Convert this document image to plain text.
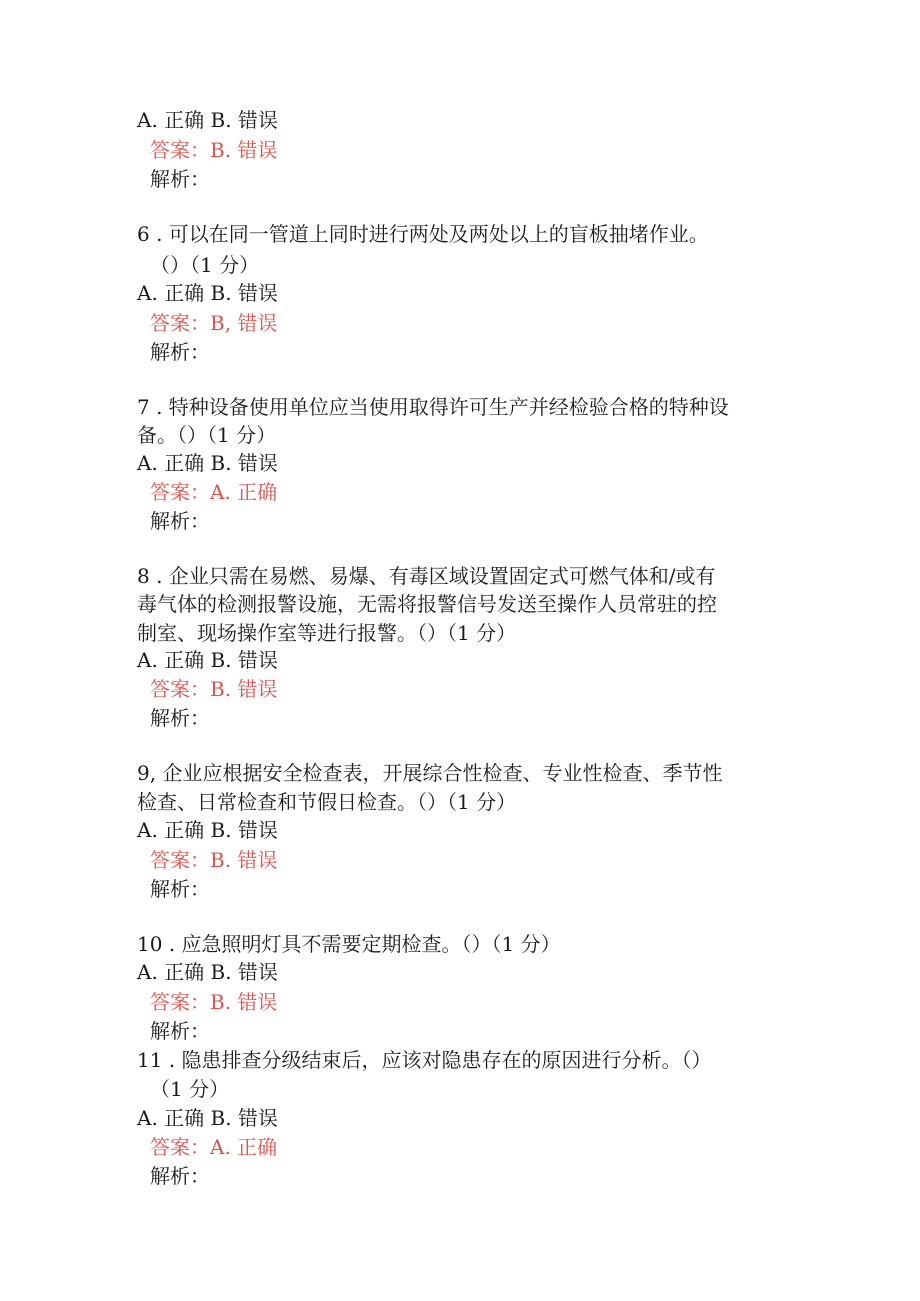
A. 正确 B. 错误
答案：B. 错误
解析：
6 . 可以在同一管道上同时进行两处及两处以上的盲板抽堵作业。
（）（1 分）
A. 正确 B. 错误
答案：B, 错误
解析：
7 . 特种设备使用单位应当使用取得许可生产并经检验合格的特种设
备。（）（1 分）
A. 正确 B. 错误
答案：A. 正确
解析：
8 . 企业只需在易燃、易爆、有毒区域设置固定式可燃气体和/或有
毒气体的检测报警设施，无需将报警信号发送至操作人员常驻的控
制室、现场操作室等进行报警。（）（1 分）
A. 正确 B. 错误
答案：B. 错误
解析：
9, 企业应根据安全检查表，开展综合性检查、专业性检查、季节性
检查、日常检查和节假日检查。（）（1 分）
A. 正确 B. 错误
答案：B. 错误
解析：
10 . 应急照明灯具不需要定期检查。（）（1 分）
A. 正确 B. 错误
答案：B. 错误
解析：
11 . 隐患排查分级结束后，应该对隐患存在的原因进行分析。（）
（1 分）
A. 正确 B. 错误
答案：A. 正确
解析：
